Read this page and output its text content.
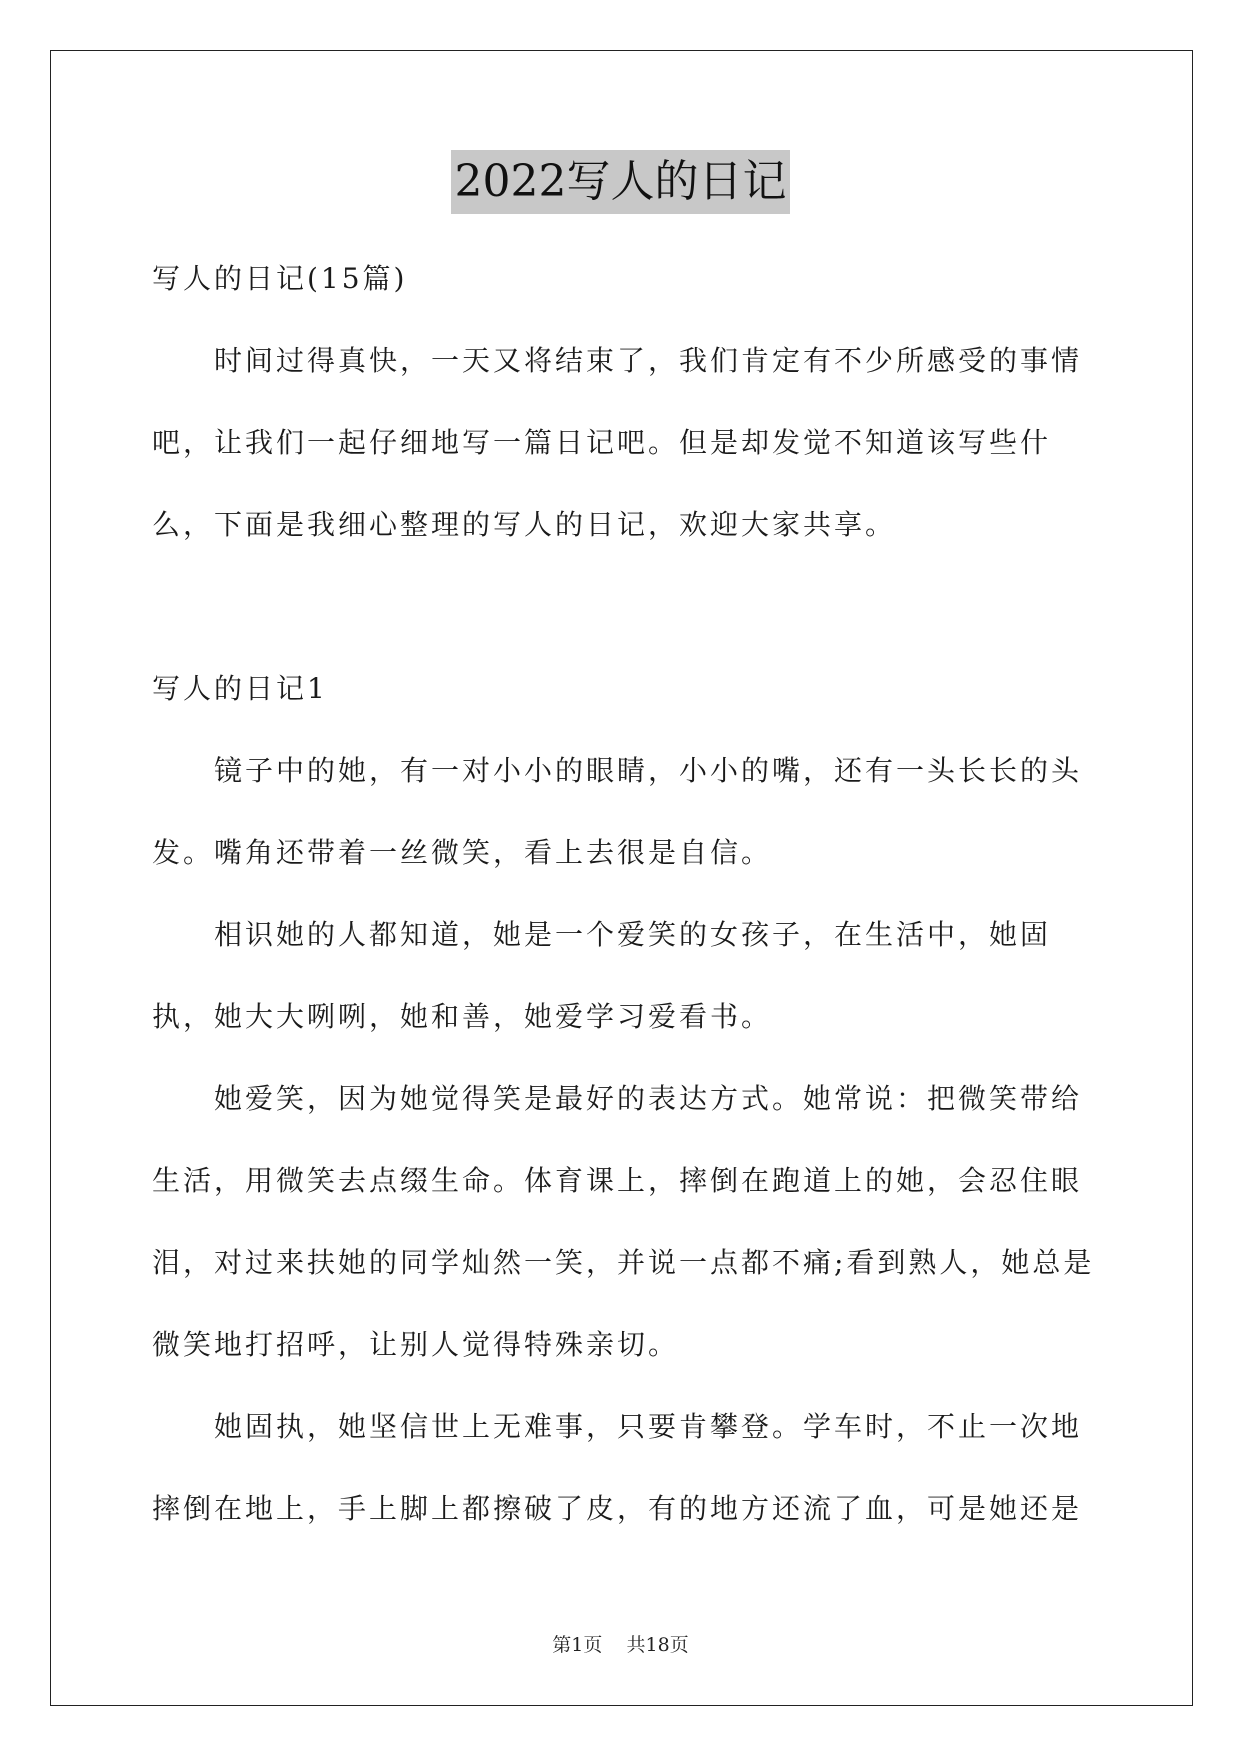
2022写人的日记

写人的日记(15篇)

时间过得真快，一天又将结束了，我们肯定有不少所感受的事情吧，让我们一起仔细地写一篇日记吧。但是却发觉不知道该写些什么，下面是我细心整理的写人的日记，欢迎大家共享。

写人的日记1

镜子中的她，有一对小小的眼睛，小小的嘴，还有一头长长的头发。嘴角还带着一丝微笑，看上去很是自信。

相识她的人都知道，她是一个爱笑的女孩子，在生活中，她固执，她大大咧咧，她和善，她爱学习爱看书。

她爱笑，因为她觉得笑是最好的表达方式。她常说：把微笑带给生活，用微笑去点缀生命。体育课上，摔倒在跑道上的她，会忍住眼泪，对过来扶她的同学灿然一笑，并说一点都不痛;看到熟人，她总是微笑地打招呼，让别人觉得特殊亲切。

她固执，她坚信世上无难事，只要肯攀登。学车时，不止一次地摔倒在地上，手上脚上都擦破了皮，有的地方还流了血，可是她还是

第1页 共18页
